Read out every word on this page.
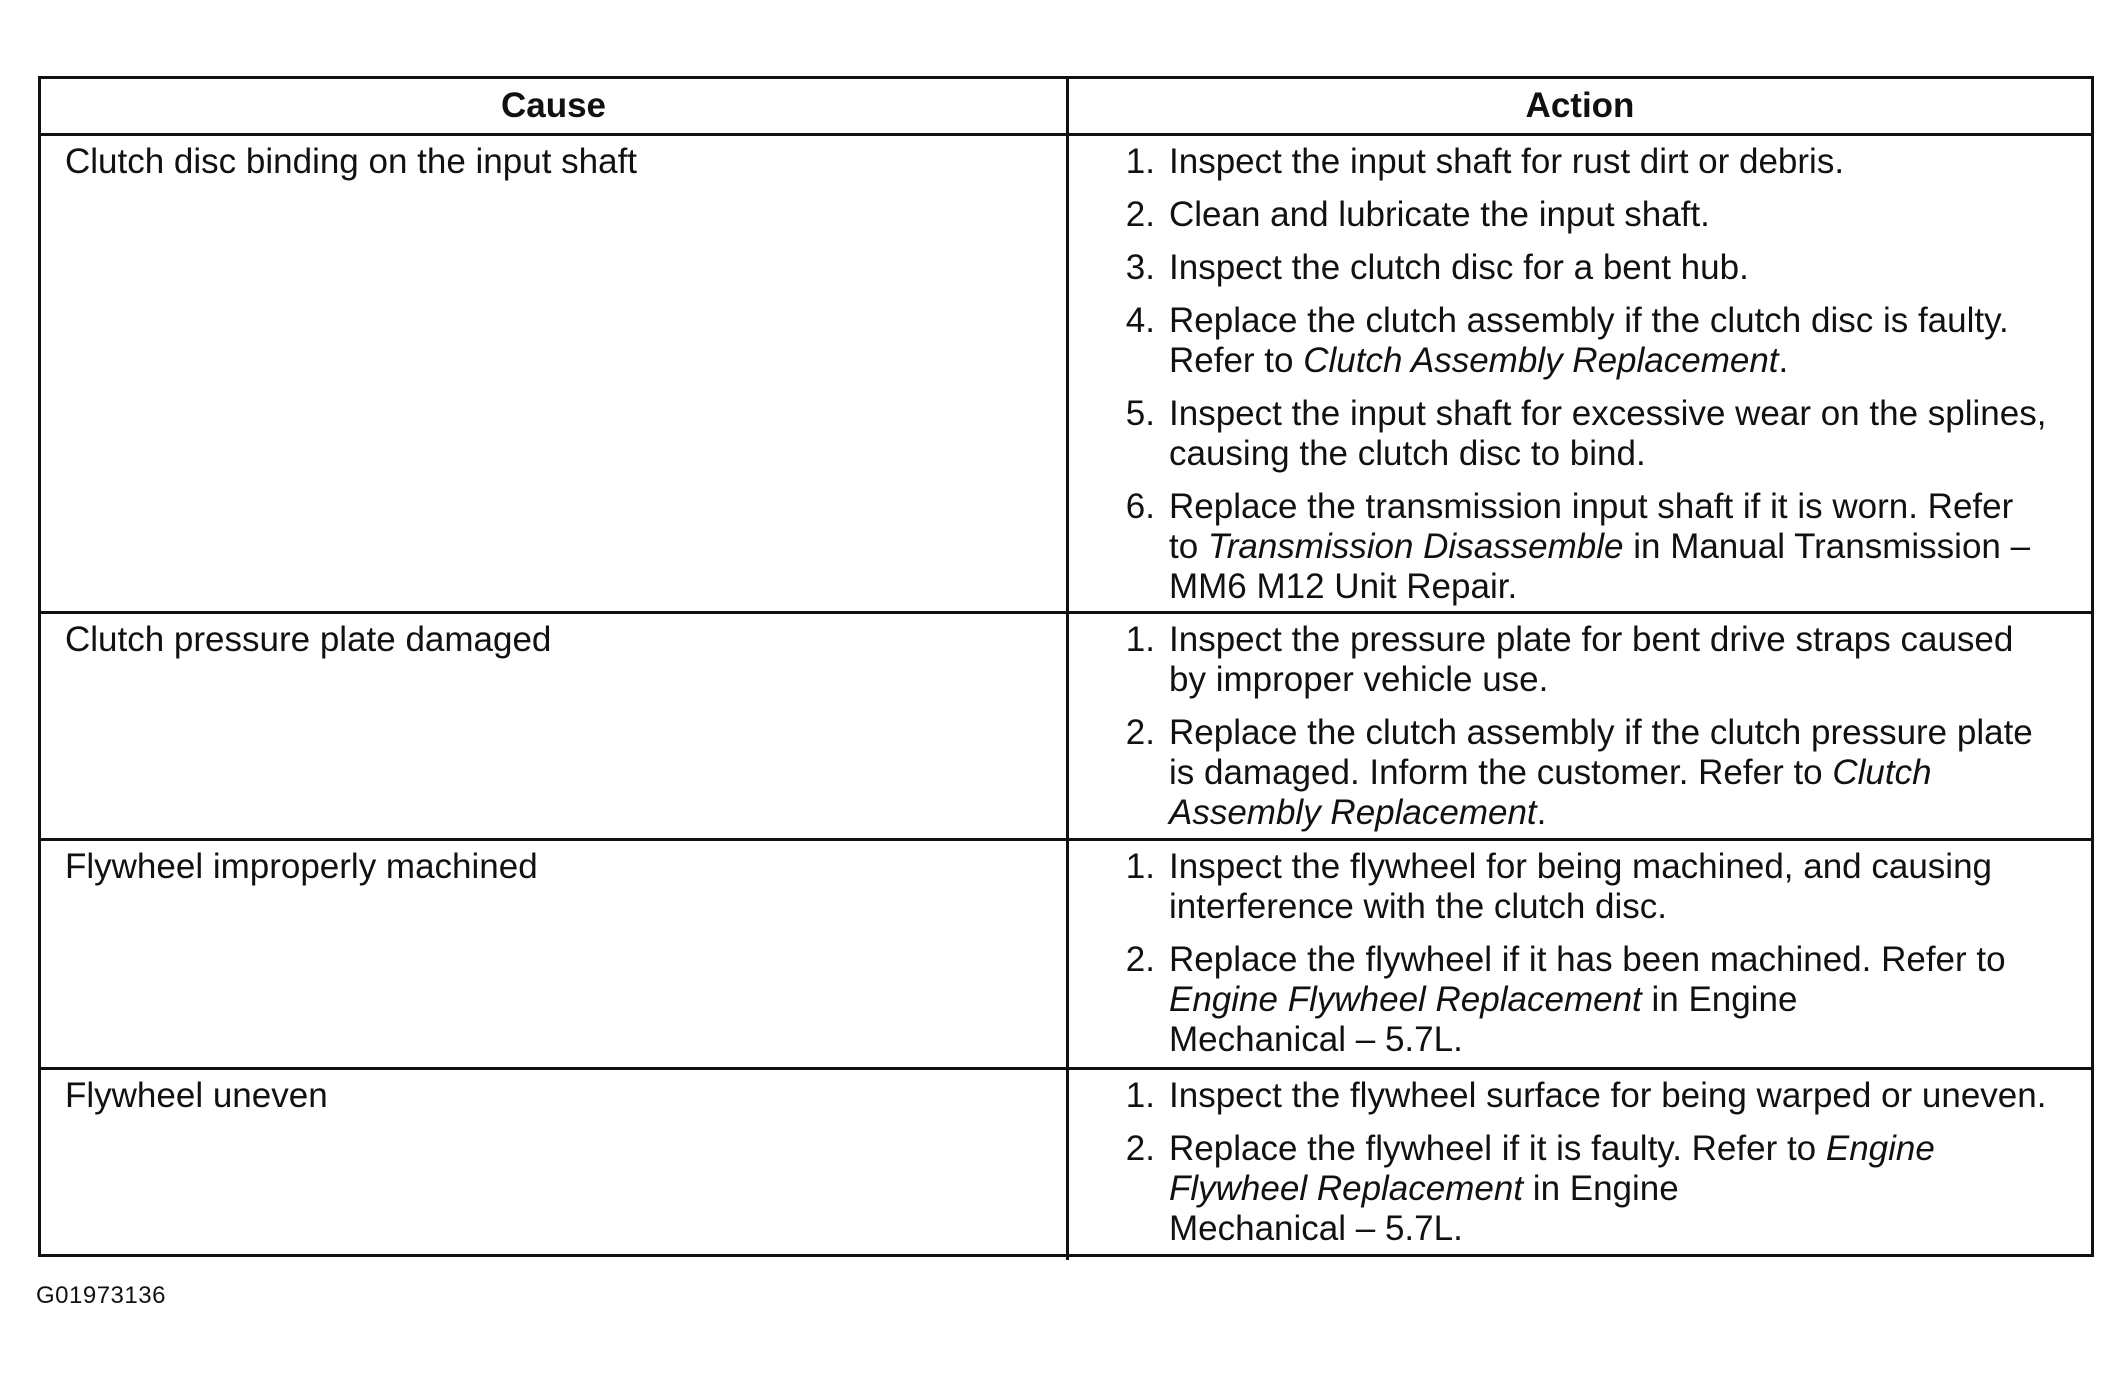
Cause	Action
Clutch disc binding on the input shaft	1. Inspect the input shaft for rust dirt or debris.
2. Clean and lubricate the input shaft.
3. Inspect the clutch disc for a bent hub.
4. Replace the clutch assembly if the clutch disc is faulty.
Refer to Clutch Assembly Replacement.
5. Inspect the input shaft for excessive wear on the splines,
causing the clutch disc to bind.
6. Replace the transmission input shaft if it is worn. Refer
to Transmission Disassemble in Manual Transmission –
MM6 M12 Unit Repair.
Clutch pressure plate damaged	1. Inspect the pressure plate for bent drive straps caused
by improper vehicle use.
2. Replace the clutch assembly if the clutch pressure plate
is damaged. Inform the customer. Refer to Clutch
Assembly Replacement.
Flywheel improperly machined	1. Inspect the flywheel for being machined, and causing
interference with the clutch disc.
2. Replace the flywheel if it has been machined. Refer to
Engine Flywheel Replacement in Engine
Mechanical – 5.7L.
Flywheel uneven	1. Inspect the flywheel surface for being warped or uneven.
2. Replace the flywheel if it is faulty. Refer to Engine
Flywheel Replacement in Engine
Mechanical – 5.7L.
G01973136
